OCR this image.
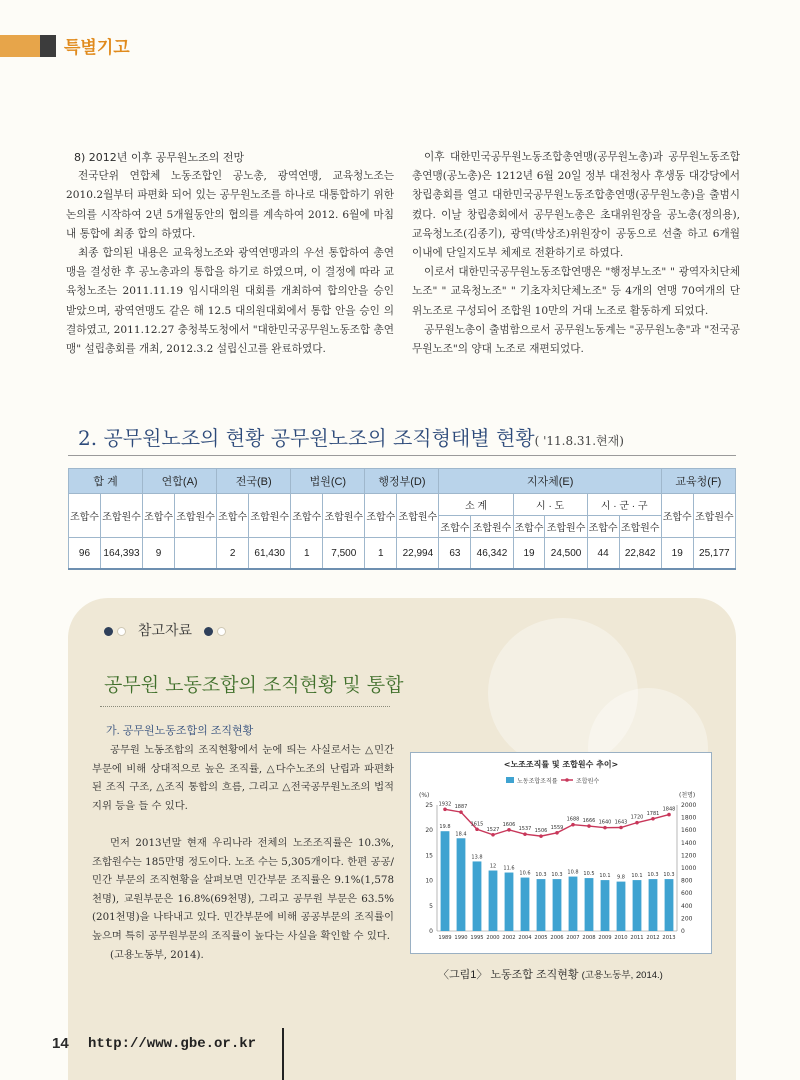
특별기고

8) 2012년 이후 공무원노조의 전망

전국단위 연합체 노동조합인 공노총, 광역연맹, 교육청노조는 2010.2월부터 파편화 되어 있는 공무원노조를 하나로 대통합하기 위한 논의를 시작하여 2년 5개월동안의 협의를 계속하여 2012. 6월에 마침내 통합에 최종 합의 하였다.

최종 합의된 내용은 교육청노조와 광역연맹과의 우선 통합하여 총연맹을 결성한 후 공노총과의 통합을 하기로 하였으며, 이 결정에 따라 교육청노조는 2011.11.19 임시대의원 대회를 개최하여 합의안을 승인 받았으며, 광역연맹도 같은 해 12.5 대의원대회에서 통합 안을 승인 의결하였고, 2011.12.27 충청북도청에서 "대한민국공무원노동조합 총연맹" 설립총회를 개최, 2012.3.2 설립신고를 완료하였다.

이후 대한민국공무원노동조합총연맹(공무원노총)과 공무원노동조합총연맹(공노총)은 1212년 6월 20일 정부 대전청사 후생동 대강당에서 창립총회를 열고 대한민국공무원노동조합총연맹(공무원노총)을 출범시켰다. 이날 창립총회에서 공무원노총은 초대위원장을 공노총(정의용), 교육청노조(김종기), 광역(박상조)위원장이 공동으로 선출 하고 6개월이내에 단일지도부 체제로 전환하기로 하였다.

이로서 대한민국공무원노동조합연맹은 "행정부노조" " 광역자치단체노조" " 교육청노조" " 기초자치단체노조" 등 4개의 연맹 70여개의 단위노조로 구성되어 조합원 10만의 거대 노조로 활동하게 되었다.

공무원노총이 출범함으로서 공무원노동계는 "공무원노총"과 "전국공무원노조"의 양대 노조로 재편되었다.

2. 공무원노조의 현황 공무원노조의 조직형태별 현황( '11.8.31.현재)
합 계		연합(A)		전국(B)		법원(C)		행정부(D)		지자체(E)						교육청(F)	
조합수	조합원수	조합수	조합원수	조합수	조합원수	조합수	조합원수	조합수	조합원수	소 계		시 · 도		시 · 군 · 구		조합수	조합원수
										조합수	조합원수	조합수	조합원수	조합수	조합원수		
96	164,393	9		2	61,430	1	7,500	1	22,994	63	46,342	19	24,500	44	22,842	19	25,177
참고자료
공무원 노동조합의 조직현황 및 통합
가. 공무원노동조합의 조직현황

공무원 노동조합의 조직현황에서 눈에 띄는 사실로서는 △민간부문에 비해 상대적으로 높은 조직률, △다수노조의 난립과 파편화된 조직 구조, △조직 통합의 흐름, 그리고 △전국공무원노조의 법적 지위 등을 들 수 있다.

먼저 2013년말 현재 우리나라 전체의 노조조직률은 10.3%, 조합원수는 185만명 정도이다. 노조 수는 5,305개이다. 한편 공공/민간 부문의 조직현황을 살펴보면 민간부문 조직률은 9.1%(1,578천명), 교원부문은 16.8%(69천명), 그리고 공무원 부문은 63.5%(201천명)을 나타내고 있다. 민간부문에 비해 공공부문의 조직률이 높으며 특히 공무원부문의 조직률이 높다는 사실을 확인할 수 있다.

(고용노동부, 2014).

<노조조직률 및 조합원수 추이>
노동조합조직률	조합원수
(%)	(천명)
0
5
10
15
20
25
0
200
400
600
800
1000
1200
1400
1600
1800
2000
19.8
1989
18.4
1990
13.8
1995
12
2000
11.6
2002
10.6
2004
10.3
2005
10.3
2006
10.8
2007
10.5
2008
10.1
2009
9.8
2010
10.1
2011
10.3
2012
10.3
2013
1932 1887
1615
1527
1606
1537 1506
1559
1688 1666 1640 1643
1720
1781
1848
〈그림1〉 노동조합 조직현황 (고용노동부, 2014.)
14 http://www.gbe.or.kr
